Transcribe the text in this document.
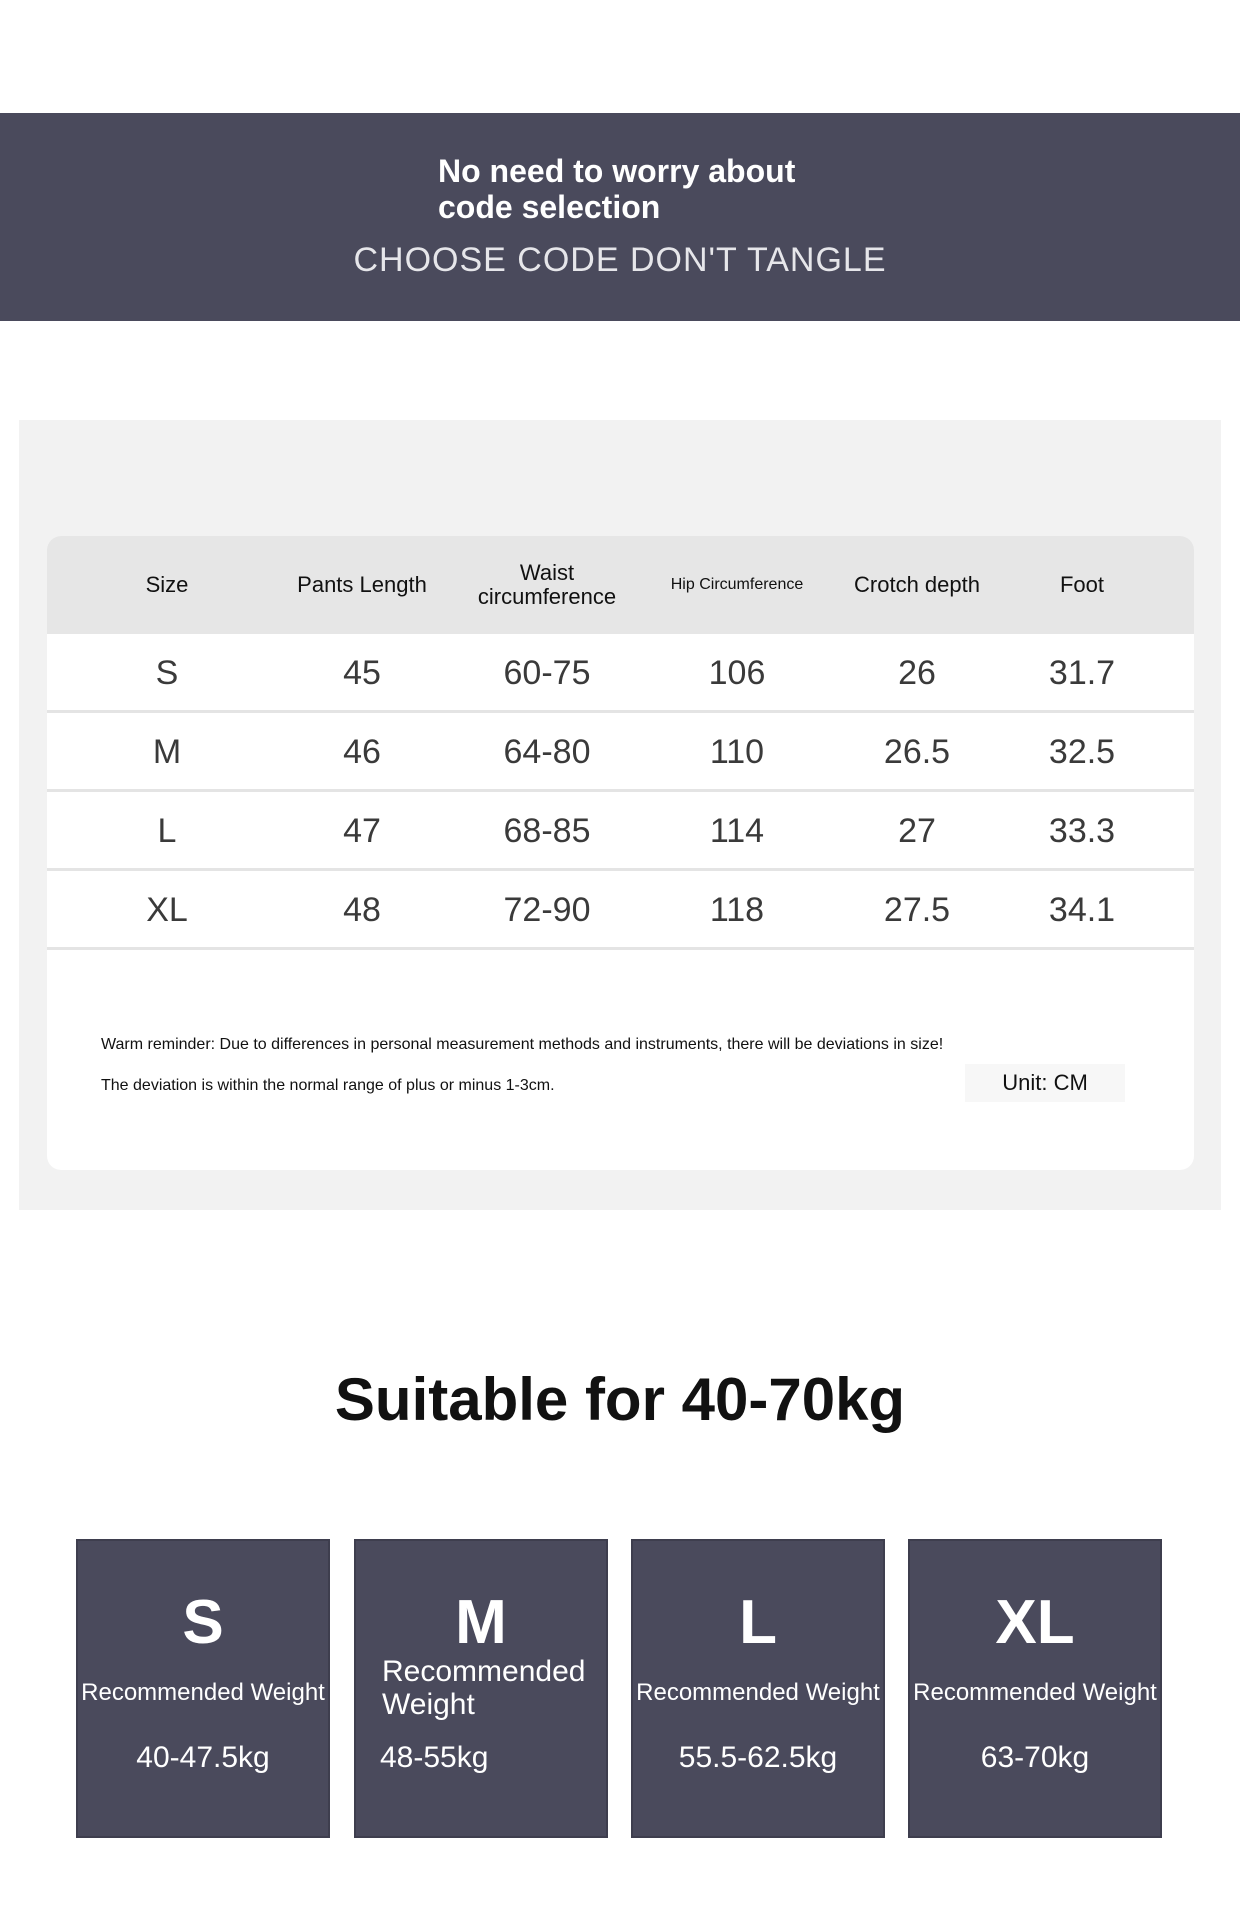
No need to worry about code selection
CHOOSE CODE DON'T TANGLE
Size	Pants Length	Waist circumference	Hip Circumference	Crotch depth	Foot
S	45	60-75	106	26	31.7
M	46	64-80	110	26.5	32.5
L	47	68-85	114	27	33.3
XL	48	72-90	118	27.5	34.1
Warm reminder: Due to differences in personal measurement methods and instruments, there will be deviations in size!
The deviation is within the normal range of plus or minus 1-3cm.	Unit: CM
Suitable for 40-70kg
S
Recommended Weight
40-47.5kg
M
Recommended Weight
48-55kg
L
Recommended Weight
55.5-62.5kg
XL
Recommended Weight
63-70kg
